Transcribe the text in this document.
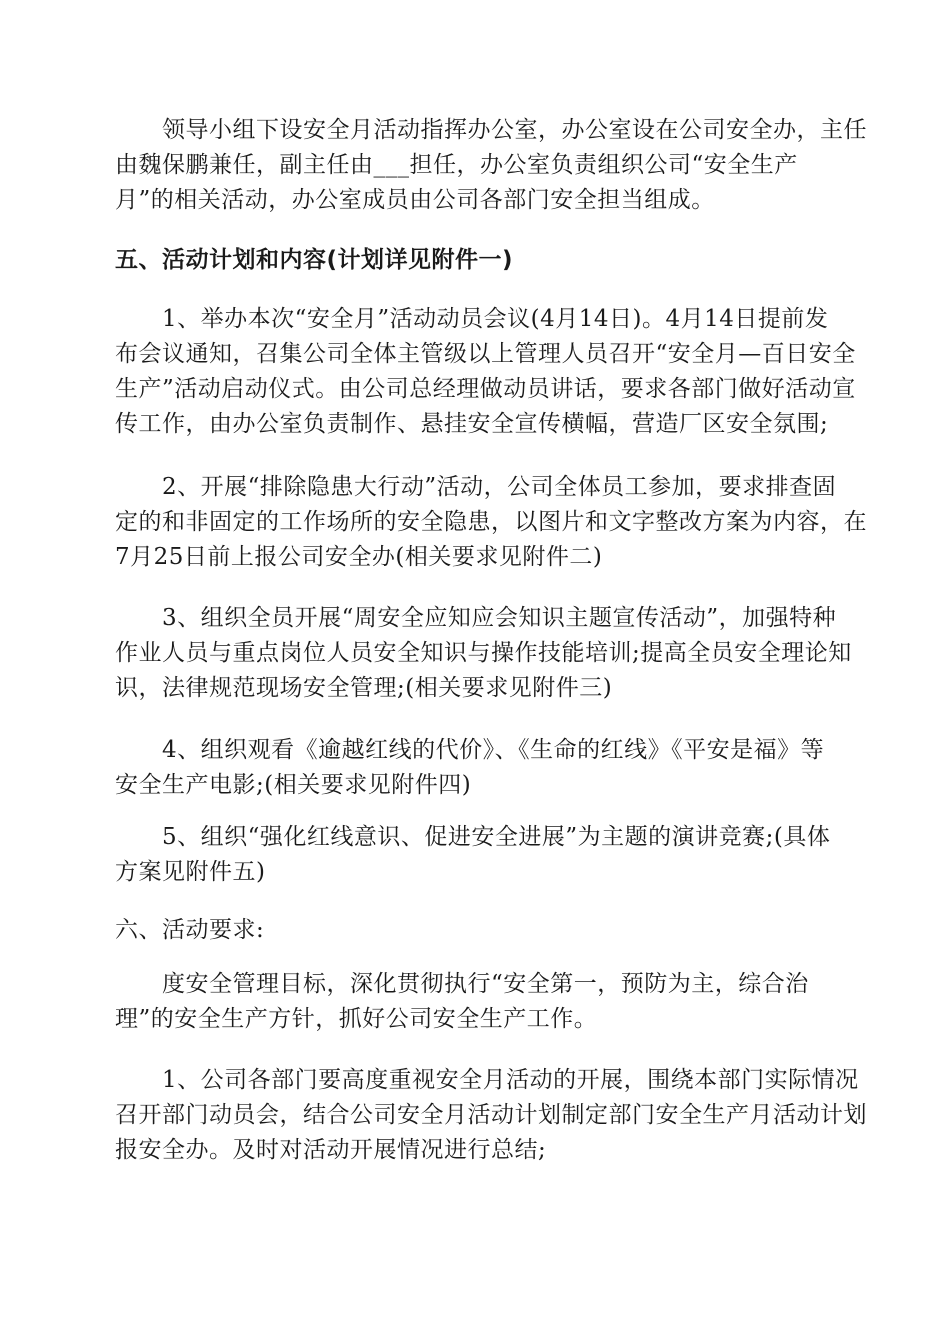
领导小组下设安全月活动指挥办公室，办公室设在公司安全办，主任
由魏保鹏兼任，副主任由___担任，办公室负责组织公司“安全生产
月”的相关活动，办公室成员由公司各部门安全担当组成。
五、活动计划和内容(计划详见附件一)
1、举办本次“安全月”活动动员会议(4月14日)。4月14日提前发
布会议通知，召集公司全体主管级以上管理人员召开“安全月—百日安全
生产”活动启动仪式。由公司总经理做动员讲话，要求各部门做好活动宣
传工作，由办公室负责制作、悬挂安全宣传横幅，营造厂区安全氛围;
2、开展“排除隐患大行动”活动，公司全体员工参加，要求排查固
定的和非固定的工作场所的安全隐患，以图片和文字整改方案为内容，在
7月25日前上报公司安全办(相关要求见附件二)
3、组织全员开展“周安全应知应会知识主题宣传活动”，加强特种
作业人员与重点岗位人员安全知识与操作技能培训;提高全员安全理论知
识，法律规范现场安全管理;(相关要求见附件三)
4、组织观看《逾越红线的代价》、《生命的红线》《平安是福》等
安全生产电影;(相关要求见附件四)
5、组织“强化红线意识、促进安全进展”为主题的演讲竞赛;(具体
方案见附件五)
六、活动要求:
度安全管理目标，深化贯彻执行“安全第一，预防为主，综合治
理”的安全生产方针，抓好公司安全生产工作。
1、公司各部门要高度重视安全月活动的开展，围绕本部门实际情况
召开部门动员会，结合公司安全月活动计划制定部门安全生产月活动计划
报安全办。及时对活动开展情况进行总结;
